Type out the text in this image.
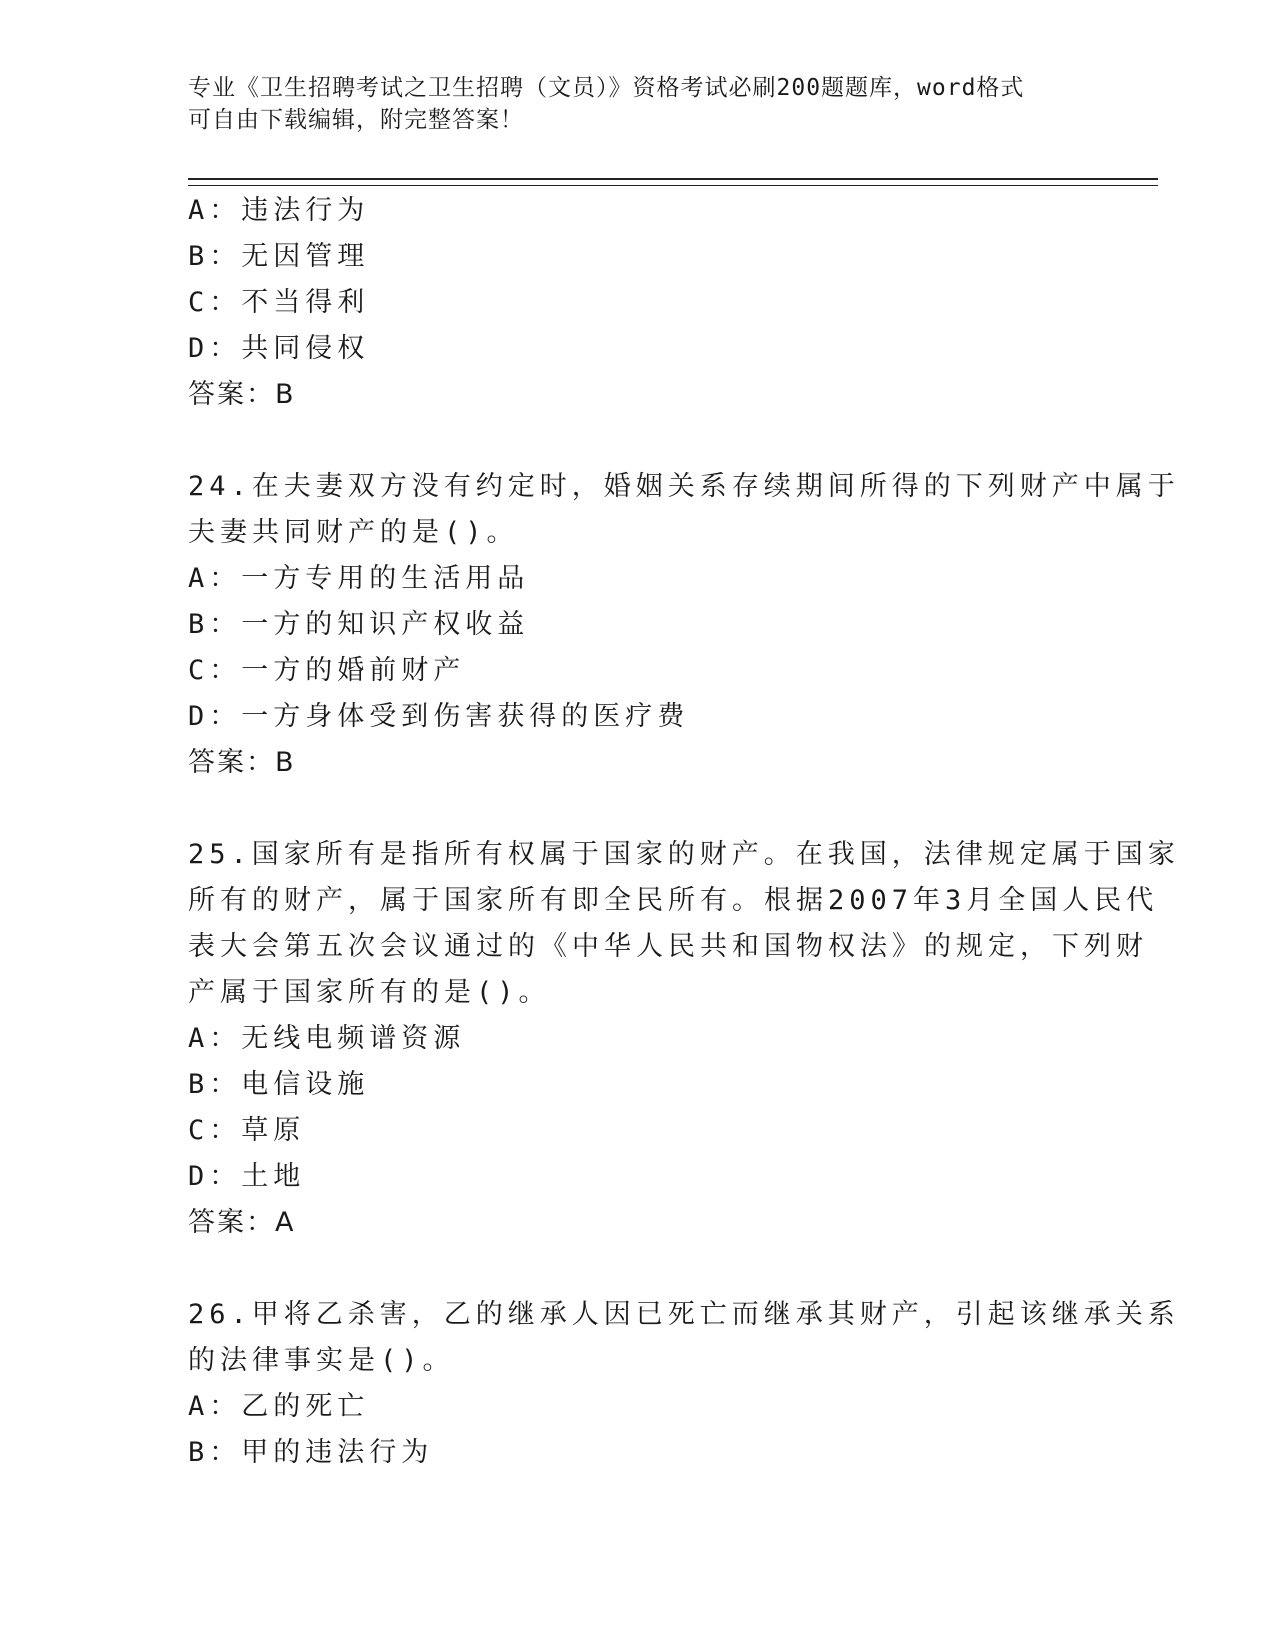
专业《卫生招聘考试之卫生招聘（文员）》资格考试必刷200题题库，word格式
可自由下载编辑，附完整答案！
A：违法行为
B：无因管理
C：不当得利
D：共同侵权
答案：B
24.在夫妻双方没有约定时，婚姻关系存续期间所得的下列财产中属于
夫妻共同财产的是()。
A：一方专用的生活用品
B：一方的知识产权收益
C：一方的婚前财产
D：一方身体受到伤害获得的医疗费
答案：B
25.国家所有是指所有权属于国家的财产。在我国，法律规定属于国家
所有的财产，属于国家所有即全民所有。根据2007年3月全国人民代
表大会第五次会议通过的《中华人民共和国物权法》的规定，下列财
产属于国家所有的是()。
A：无线电频谱资源
B：电信设施
C：草原
D：土地
答案：A
26.甲将乙杀害，乙的继承人因已死亡而继承其财产，引起该继承关系
的法律事实是()。
A：乙的死亡
B：甲的违法行为
